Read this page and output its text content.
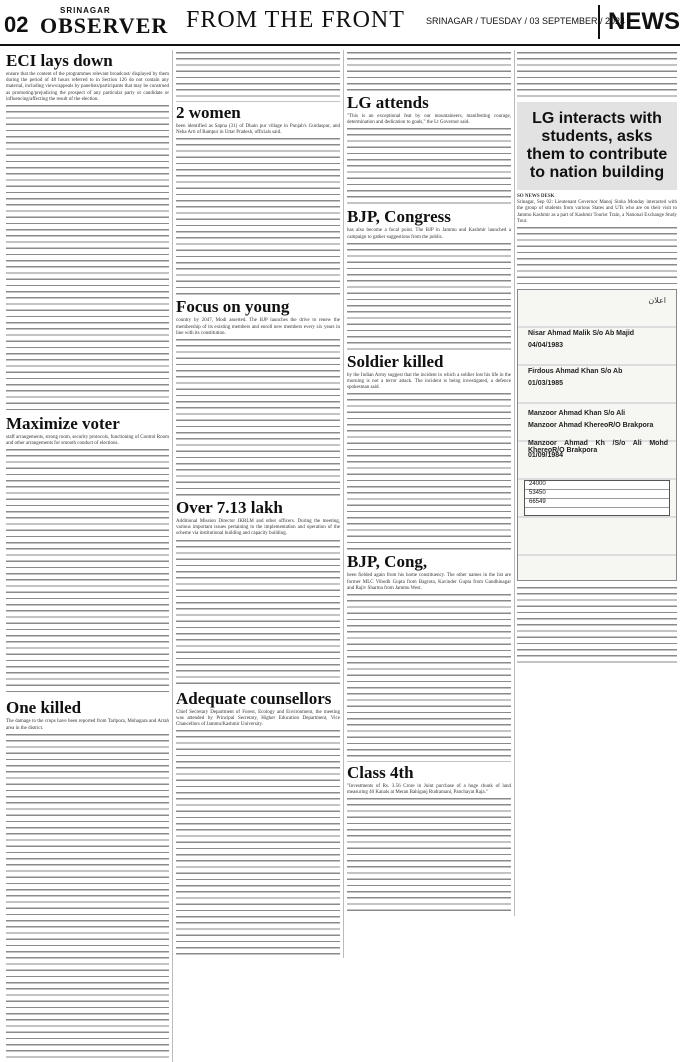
02
SRINAGAR
OBSERVER FROM THE FRONT SRINAGAR / TUESDAY / 03 SEPTEMBER / 2024
NEWS
ECI lays down

ensure that the content of the programmes relevant broadcast/ displayed by them during the period of 48 hours referred to in Section 126 do not contain any material, including views/appeals by panelists/participants that may be construed as promoting/prejudicing the prospect of any particular party or candidate or influencing/affecting the result of the election.

Maximize voter

staff arrangements, strong room, security protocols, functioning of Control Room and other arrangements for smooth conduct of elections.

One killed

The damage to the crops have been reported from Tarlpora, Mohagara and Arrah area in the district.

2 women

been identified as Sapna (31) of Dhain pur village in Punjab's Gurdaspur, and Neha Arti of Rampur in Uttar Pradesh, officials said.

Focus on young

country by 2047, Modi asserted. The BJP launches the drive to renew the membership of its existing members and enroll new members every six years in line with its constitution.

Over 7.13 lakh

Additional Mission Director JKRLM and other officers. During the meeting, various important issues pertaining to the implementation and operation of the scheme via institutional building and capacity building.

Adequate counsellors

Chief Secretary Department of Forest, Ecology and Environment, the meeting was attended by Principal Secretary, Higher Education Department, Vice Chancellors of Jammu/Kashmir University.

LG attends

"This is an exceptional feat by our mountaineers, manifesting courage, determination and dedication to goals," the Lt Governor said.

BJP, Congress

has also become a focal point. The BJP in Jammu and Kashmir launched a campaign to gather suggestions from the public.

Soldier killed

by the Indian Army suggest that the incident in which a soldier lost his life in the morning is not a terror attack. The incident is being investigated, a defence spokesman said.

BJP, Cong,

been fielded again from his home constituency. The other names in the list are former MLC Vibodh Gupta from Bagrota, Kavinder Gupta from Gandhinagar and Rajiv Sharma from Jammu West.

Class 4th

"Investments of Rs. 3.56 Crore in Joint purchase of a huge chunk of land measuring 40 Kanals at Meran Bahiganj Rudramani, Panchayat Raja."

LG interacts with students, asks them to contribute to nation building

SO NEWS DESK

Srinagar, Sep 02: Lieutenant Governor Manoj Sinha Monday interacted with the group of students from various States and UTs who are on their visit to Jammu Kashmir as a part of Kashmir Tourist Train, a National Exchange Study Tour.

اعلان
Nisar Ahmad Malik S/o Ab Majid
04/04/1983
Firdous Ahmad Khan S/o Ab
01/03/1985
Manzoor Ahmad Khan S/o Ali
Manzoor Ahmad KhereoR/O Brakpora
Manzoor Ahmad Kh /S/o Ali Mohd KhereoR/O Brakpora
01/09/1984
24000
53450
66549
